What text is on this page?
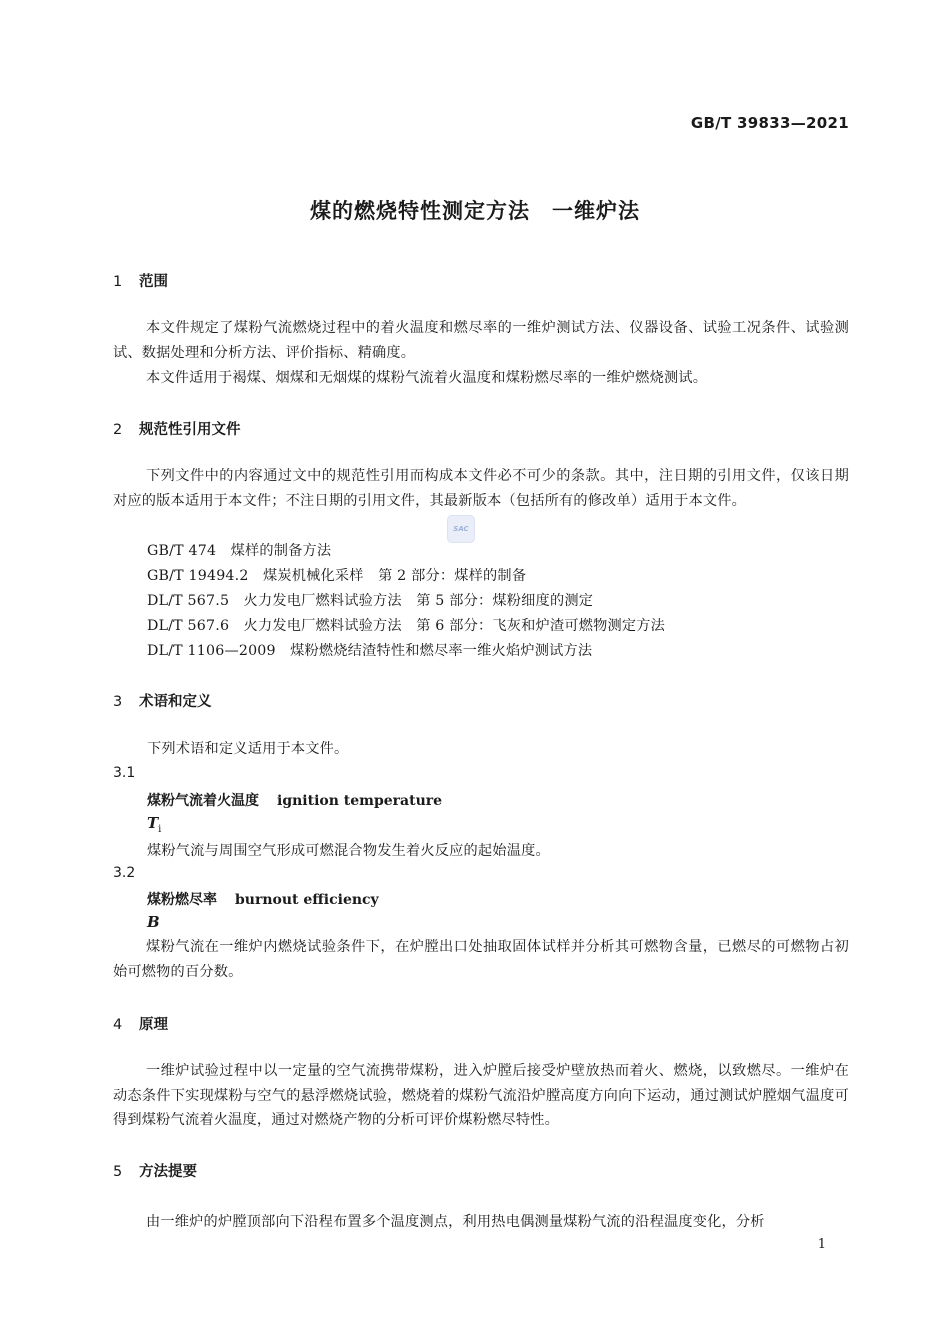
GB/T 39833—2021
煤的燃烧特性测定方法　一维炉法
1 范围
本文件规定了煤粉气流燃烧过程中的着火温度和燃尽率的一维炉测试方法、仪器设备、试验工况条件、试验测试、数据处理和分析方法、评价指标、精确度。
本文件适用于褐煤、烟煤和无烟煤的煤粉气流着火温度和煤粉燃尽率的一维炉燃烧测试。
2 规范性引用文件
下列文件中的内容通过文中的规范性引用而构成本文件必不可少的条款。其中，注日期的引用文件，仅该日期对应的版本适用于本文件；不注日期的引用文件，其最新版本（包括所有的修改单）适用于本文件。
SAC
GB/T 474　煤样的制备方法
GB/T 19494.2　煤炭机械化采样　第 2 部分：煤样的制备
DL/T 567.5　火力发电厂燃料试验方法　第 5 部分：煤粉细度的测定
DL/T 567.6　火力发电厂燃料试验方法　第 6 部分：飞灰和炉渣可燃物测定方法
DL/T 1106—2009　煤粉燃烧结渣特性和燃尽率一维火焰炉测试方法
3 术语和定义
下列术语和定义适用于本文件。
3.1
煤粉气流着火温度 ignition temperature
$T_i$
煤粉气流与周围空气形成可燃混合物发生着火反应的起始温度。
3.2
煤粉燃尽率 burnout efficiency
B
煤粉气流在一维炉内燃烧试验条件下，在炉膛出口处抽取固体试样并分析其可燃物含量，已燃尽的可燃物占初始可燃物的百分数。
4 原理
一维炉试验过程中以一定量的空气流携带煤粉，进入炉膛后接受炉壁放热而着火、燃烧，以致燃尽。一维炉在动态条件下实现煤粉与空气的悬浮燃烧试验，燃烧着的煤粉气流沿炉膛高度方向向下运动，通过测试炉膛烟气温度可得到煤粉气流着火温度，通过对燃烧产物的分析可评价煤粉燃尽特性。
5 方法提要
由一维炉的炉膛顶部向下沿程布置多个温度测点，利用热电偶测量煤粉气流的沿程温度变化，分析
1
